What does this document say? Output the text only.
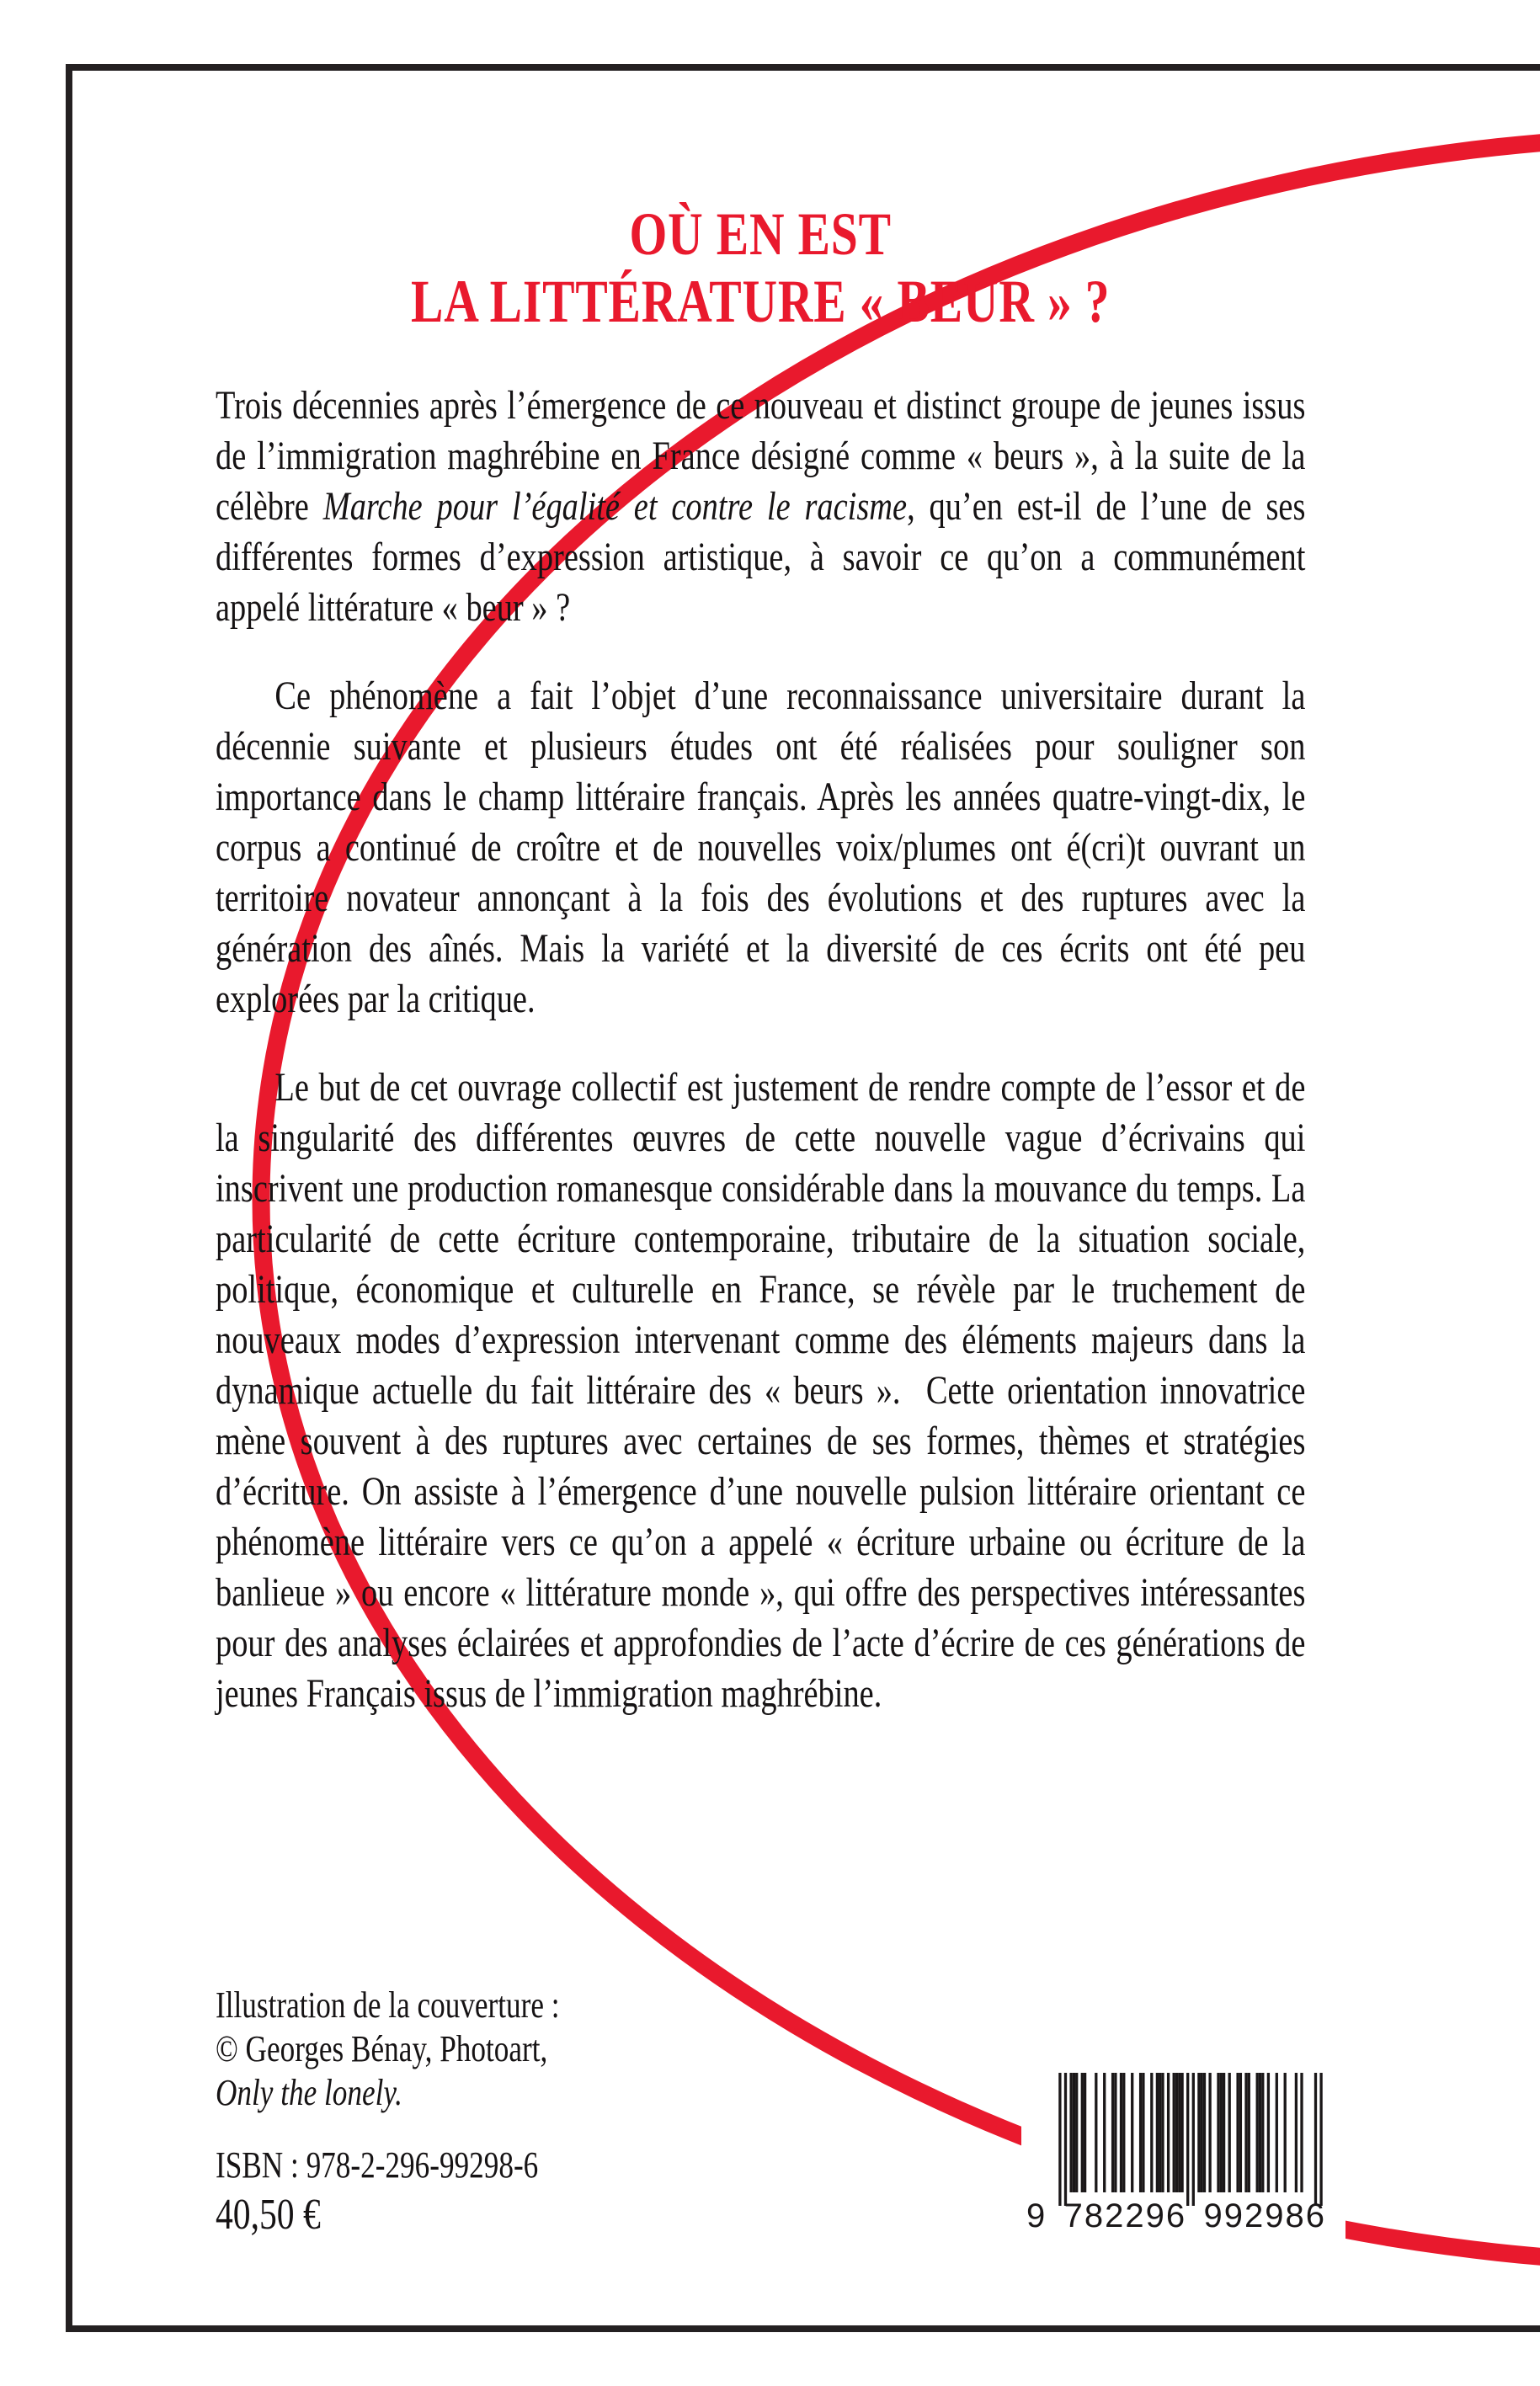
OÙ EN EST
LA LITTÉRATURE « BEUR » ?

Trois décennies après l’émergence de ce nouveau et distinct groupe de jeunes issus de l’immigration maghrébine en France désigné comme « beurs », à la suite de la célèbre Marche pour l’égalité et contre le racisme, qu’en est-il de l’une de ses différentes formes d’expression artistique, à savoir ce qu’on a communément appelé littérature « beur » ?

Ce phénomène a fait l’objet d’une reconnaissance universitaire durant la décennie suivante et plusieurs études ont été réalisées pour souligner son importance dans le champ littéraire français. Après les années quatre-vingt-dix, le corpus a continué de croître et de nouvelles voix/plumes ont é(cri)t ouvrant un territoire novateur annonçant à la fois des évolutions et des ruptures avec la génération des aînés. Mais la variété et la diversité de ces écrits ont été peu explorées par la critique.

Le but de cet ouvrage collectif est justement de rendre compte de l’essor et de la singularité des différentes œuvres de cette nouvelle vague d’écrivains qui inscrivent une production romanesque considérable dans la mouvance du temps. La particularité de cette écriture contemporaine, tributaire de la situation sociale, politique, économique et culturelle en France, se révèle par le truchement de nouveaux modes d’expression intervenant comme des éléments majeurs dans la dynamique actuelle du fait littéraire des « beurs ».  Cette orientation innovatrice mène souvent à des ruptures avec certaines de ses formes, thèmes et stratégies d’écriture. On assiste à l’émergence d’une nouvelle pulsion littéraire orientant ce phénomène littéraire vers ce qu’on a appelé « écriture urbaine ou écriture de la banlieue » ou encore « littérature monde », qui offre des perspectives intéressantes pour des analyses éclairées et approfondies de l’acte d’écrire de ces générations de jeunes Français issus de l’immigration maghrébine.

Illustration de la couverture :
© Georges Bénay, Photoart,
Only the lonely.
ISBN : 978-2-296-99298-6
40,50 €	9 782296 992986
